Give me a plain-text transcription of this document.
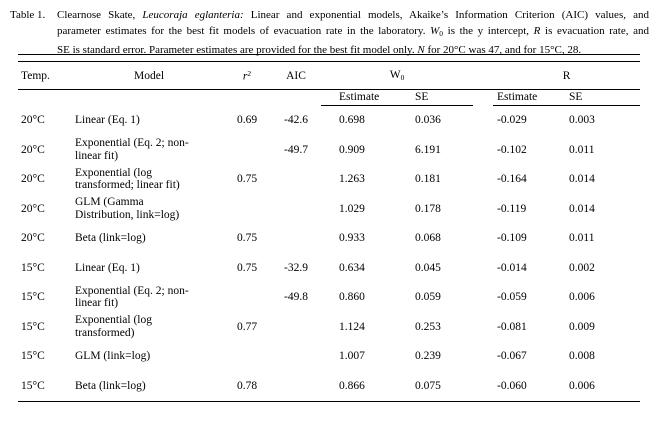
Table 1.	Clearnose Skate, Leucoraja eglanteria: Linear and exponential models, Akaike’s Information Criterion (AIC) values, and
parameter estimates for the best fit models of evacuation rate in the laboratory. $W_0$ is the y intercept, R is evacuation rate, and
SE is standard error. Parameter estimates are provided for the best fit model only. N for 20°C was 47, and for 15°C, 28.
Temp.	Model	$r^2$	AIC	$W_0$			R	
				Estimate	SE		Estimate	SE
20°C	Linear (Eq. 1)	0.69	-42.6	0.698	0.036		-0.029	0.003
20°C	Exponential (Eq. 2; non-linear fit)		-49.7	0.909	6.191		-0.102	0.011
20°C	Exponential (log transformed; linear fit)	0.75		1.263	0.181		-0.164	0.014
20°C	GLM (Gamma Distribution, link=log)			1.029	0.178		-0.119	0.014
20°C	Beta (link=log)	0.75		0.933	0.068		-0.109	0.011
15°C	Linear (Eq. 1)	0.75	-32.9	0.634	0.045		-0.014	0.002
15°C	Exponential (Eq. 2; non-linear fit)		-49.8	0.860	0.059		-0.059	0.006
15°C	Exponential (log transformed)	0.77		1.124	0.253		-0.081	0.009
15°C	GLM (link=log)			1.007	0.239		-0.067	0.008
15°C	Beta (link=log)	0.78		0.866	0.075		-0.060	0.006
